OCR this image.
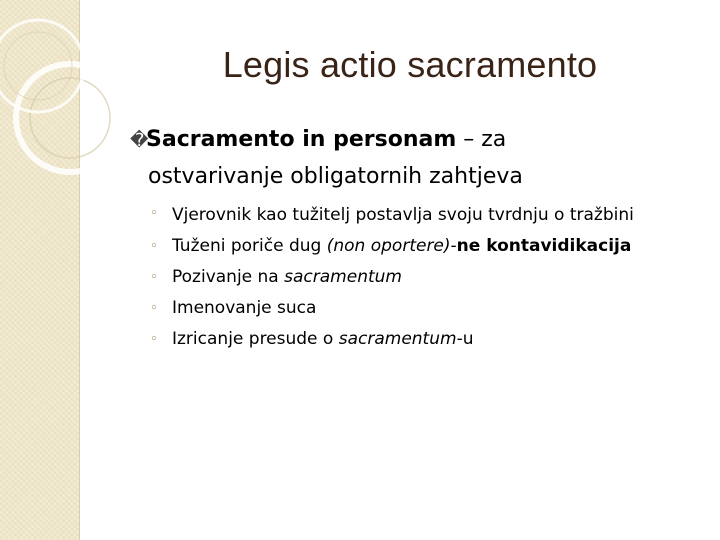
Legis actio sacramento
�Sacramento in personam – za
ostvarivanje obligatornih zahtjeva
◦ Vjerovnik kao tužitelj postavlja svoju tvrdnju o tražbini
◦ Tuženi poriče dug (non oportere)-ne kontavidikacija
◦ Pozivanje na sacramentum
◦ Imenovanje suca
◦ Izricanje presude o sacramentum-u
